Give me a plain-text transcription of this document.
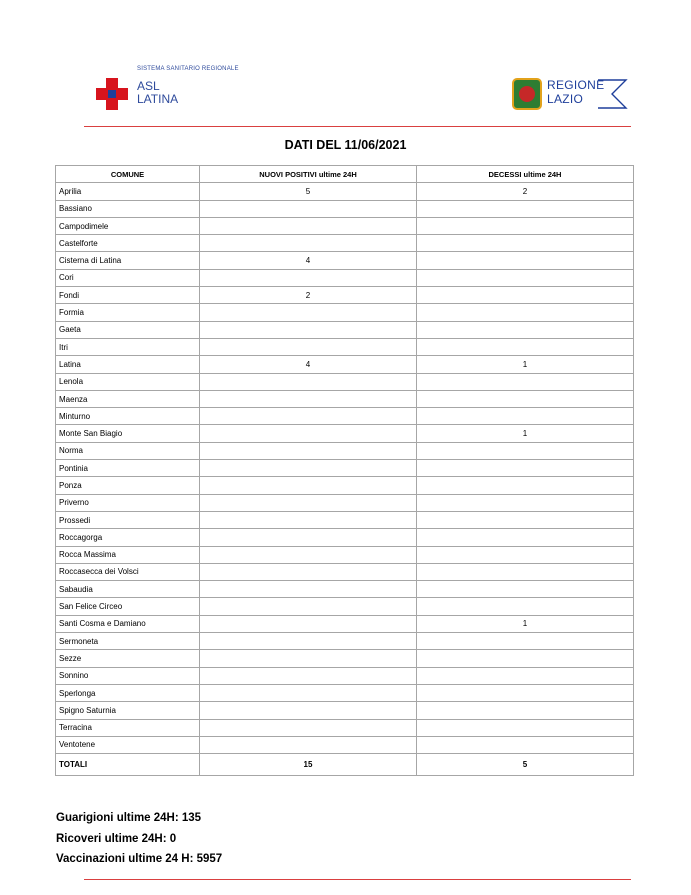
SISTEMA SANITARIO REGIONALE
ASL
LATINA
REGIONE
LAZIO
DATI DEL 11/06/2021
COMUNE	NUOVI POSITIVI ultime 24H	DECESSI ultime 24H
Aprilia	5	2
Bassiano		
Campodimele		
Castelforte		
Cisterna di Latina	4	
Cori		
Fondi	2	
Formia		
Gaeta		
Itri		
Latina	4	1
Lenola		
Maenza		
Minturno		
Monte San Biagio		1
Norma		
Pontinia		
Ponza		
Priverno		
Prossedi		
Roccagorga		
Rocca Massima		
Roccasecca dei Volsci		
Sabaudia		
San Felice Circeo		
Santi Cosma e Damiano		1
Sermoneta		
Sezze		
Sonnino		
Sperlonga		
Spigno Saturnia		
Terracina		
Ventotene		
TOTALI	15	5
Guarigioni ultime 24H: 135
Ricoveri ultime 24H: 0
Vaccinazioni ultime 24 H: 5957
